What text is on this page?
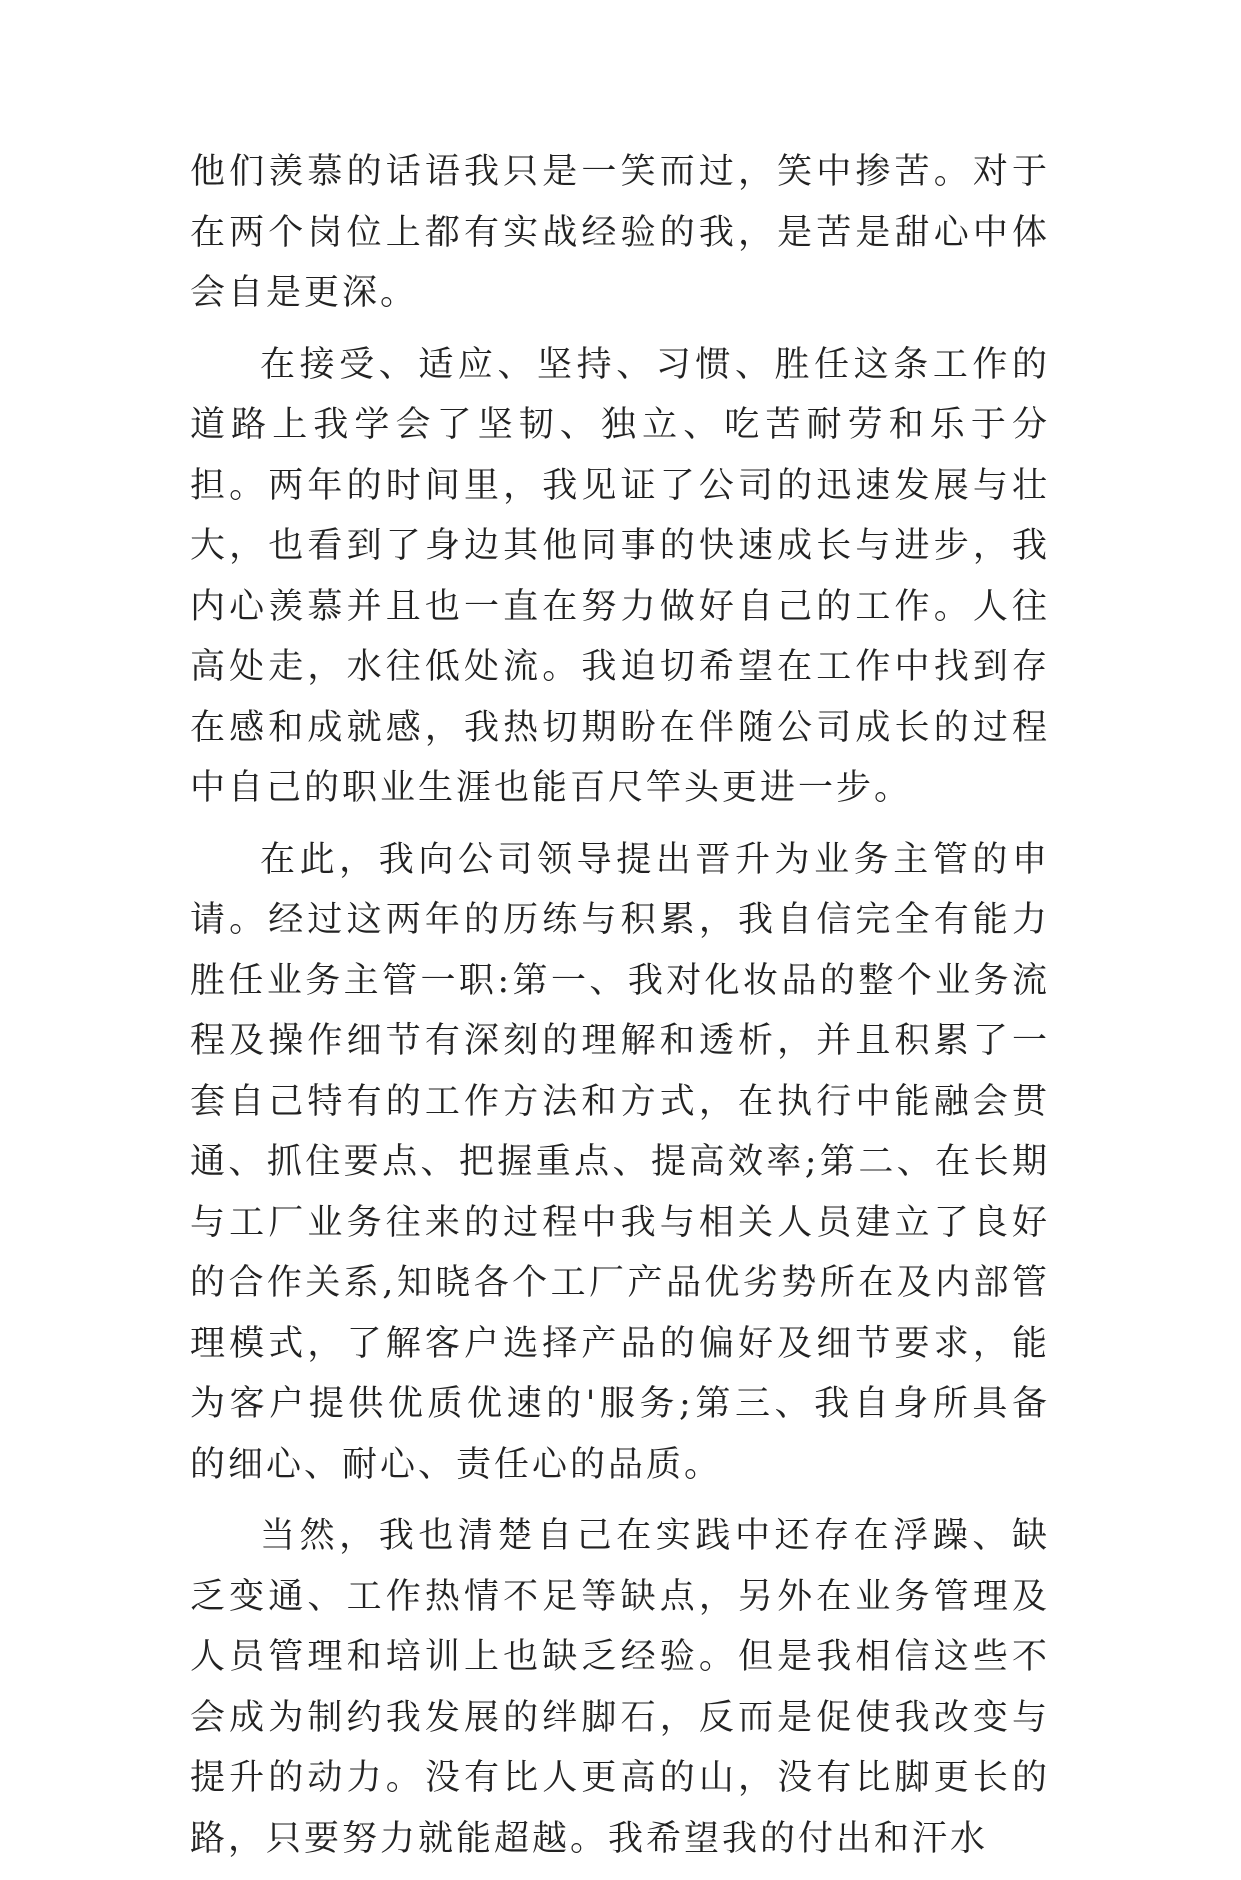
他们羡慕的话语我只是一笑而过，笑中掺苦。对于在两个岗位上都有实战经验的我，是苦是甜心中体会自是更深。

在接受、适应、坚持、习惯、胜任这条工作的道路上我学会了坚韧、独立、吃苦耐劳和乐于分担。两年的时间里，我见证了公司的迅速发展与壮大，也看到了身边其他同事的快速成长与进步，我内心羡慕并且也一直在努力做好自己的工作。人往高处走，水往低处流。我迫切希望在工作中找到存在感和成就感，我热切期盼在伴随公司成长的过程中自己的职业生涯也能百尺竿头更进一步。

在此，我向公司领导提出晋升为业务主管的申请。经过这两年的历练与积累，我自信完全有能力胜任业务主管一职:第一、我对化妆品的整个业务流程及操作细节有深刻的理解和透析，并且积累了一套自己特有的工作方法和方式，在执行中能融会贯通、抓住要点、把握重点、提高效率;第二、在长期与工厂业务往来的过程中我与相关人员建立了良好的合作关系,知晓各个工厂产品优劣势所在及内部管理模式，了解客户选择产品的偏好及细节要求，能为客户提供优质优速的'服务;第三、我自身所具备的细心、耐心、责任心的品质。

当然，我也清楚自己在实践中还存在浮躁、缺乏变通、工作热情不足等缺点，另外在业务管理及人员管理和培训上也缺乏经验。但是我相信这些不会成为制约我发展的绊脚石，反而是促使我改变与提升的动力。没有比人更高的山，没有比脚更长的路，只要努力就能超越。我希望我的付出和汗水
